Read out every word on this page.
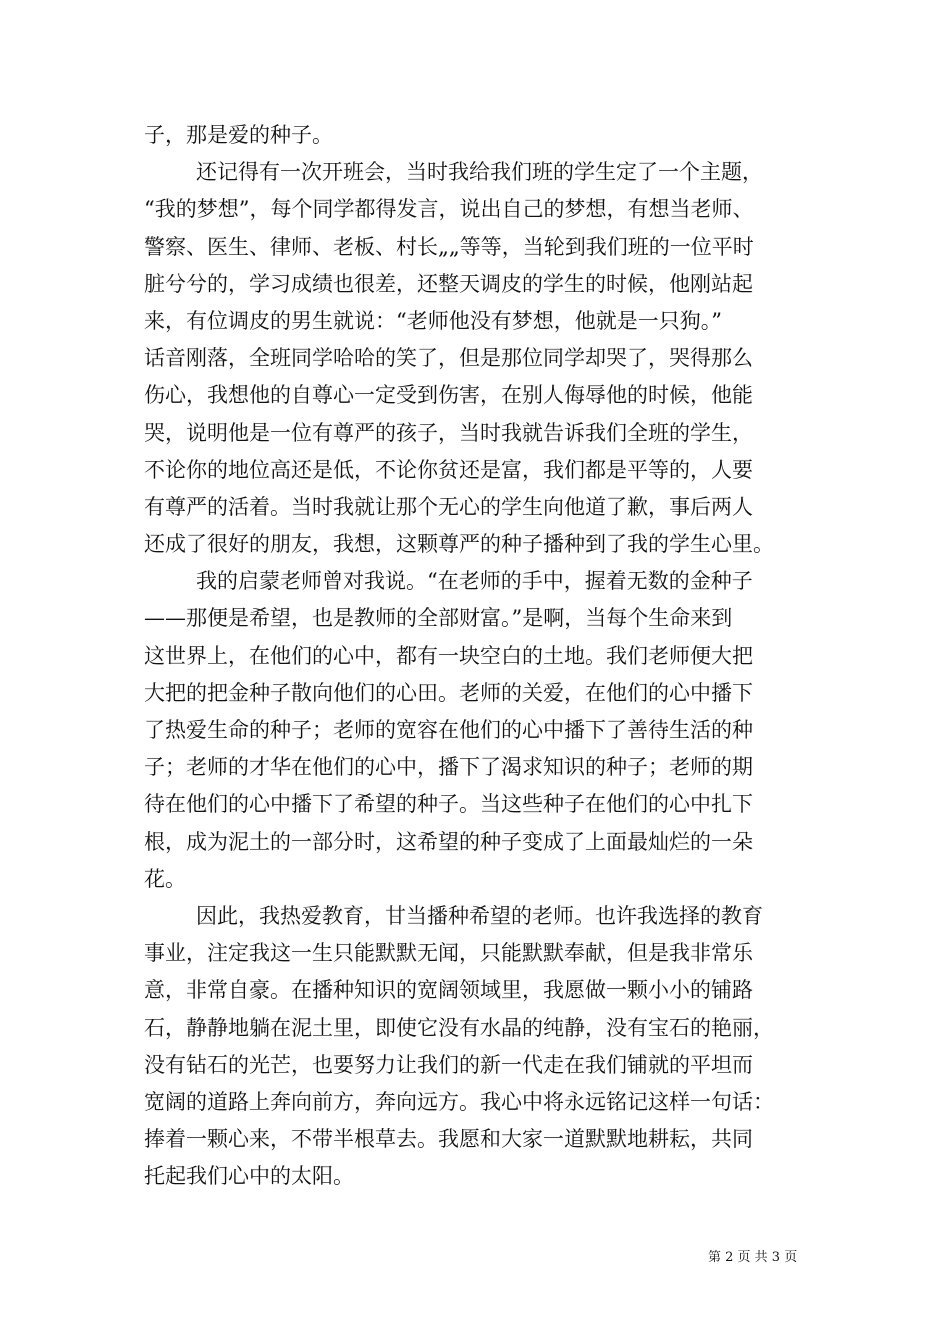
子，那是爱的种子。
还记得有一次开班会，当时我给我们班的学生定了一个主题，
“我的梦想”，每个同学都得发言，说出自己的梦想，有想当老师、
警察、医生、律师、老板、村长„„等等，当轮到我们班的一位平时
脏兮兮的，学习成绩也很差，还整天调皮的学生的时候，他刚站起
来，有位调皮的男生就说：“老师他没有梦想，他就是一只狗。”
话音刚落，全班同学哈哈的笑了，但是那位同学却哭了，哭得那么
伤心，我想他的自尊心一定受到伤害，在别人侮辱他的时候，他能
哭，说明他是一位有尊严的孩子，当时我就告诉我们全班的学生，
不论你的地位高还是低，不论你贫还是富，我们都是平等的，人要
有尊严的活着。当时我就让那个无心的学生向他道了歉，事后两人
还成了很好的朋友，我想，这颗尊严的种子播种到了我的学生心里。
我的启蒙老师曾对我说。“在老师的手中，握着无数的金种子
——那便是希望，也是教师的全部财富。”是啊，当每个生命来到
这世界上，在他们的心中，都有一块空白的土地。我们老师便大把
大把的把金种子散向他们的心田。老师的关爱，在他们的心中播下
了热爱生命的种子；老师的宽容在他们的心中播下了善待生活的种
子；老师的才华在他们的心中，播下了渴求知识的种子；老师的期
待在他们的心中播下了希望的种子。当这些种子在他们的心中扎下
根，成为泥土的一部分时，这希望的种子变成了上面最灿烂的一朵
花。
因此，我热爱教育，甘当播种希望的老师。也许我选择的教育
事业，注定我这一生只能默默无闻，只能默默奉献，但是我非常乐
意，非常自豪。在播种知识的宽阔领域里，我愿做一颗小小的铺路
石，静静地躺在泥土里，即使它没有水晶的纯静，没有宝石的艳丽，
没有钻石的光芒，也要努力让我们的新一代走在我们铺就的平坦而
宽阔的道路上奔向前方，奔向远方。我心中将永远铭记这样一句话：
捧着一颗心来，不带半根草去。我愿和大家一道默默地耕耘，共同
托起我们心中的太阳。
第 2 页 共 3 页
